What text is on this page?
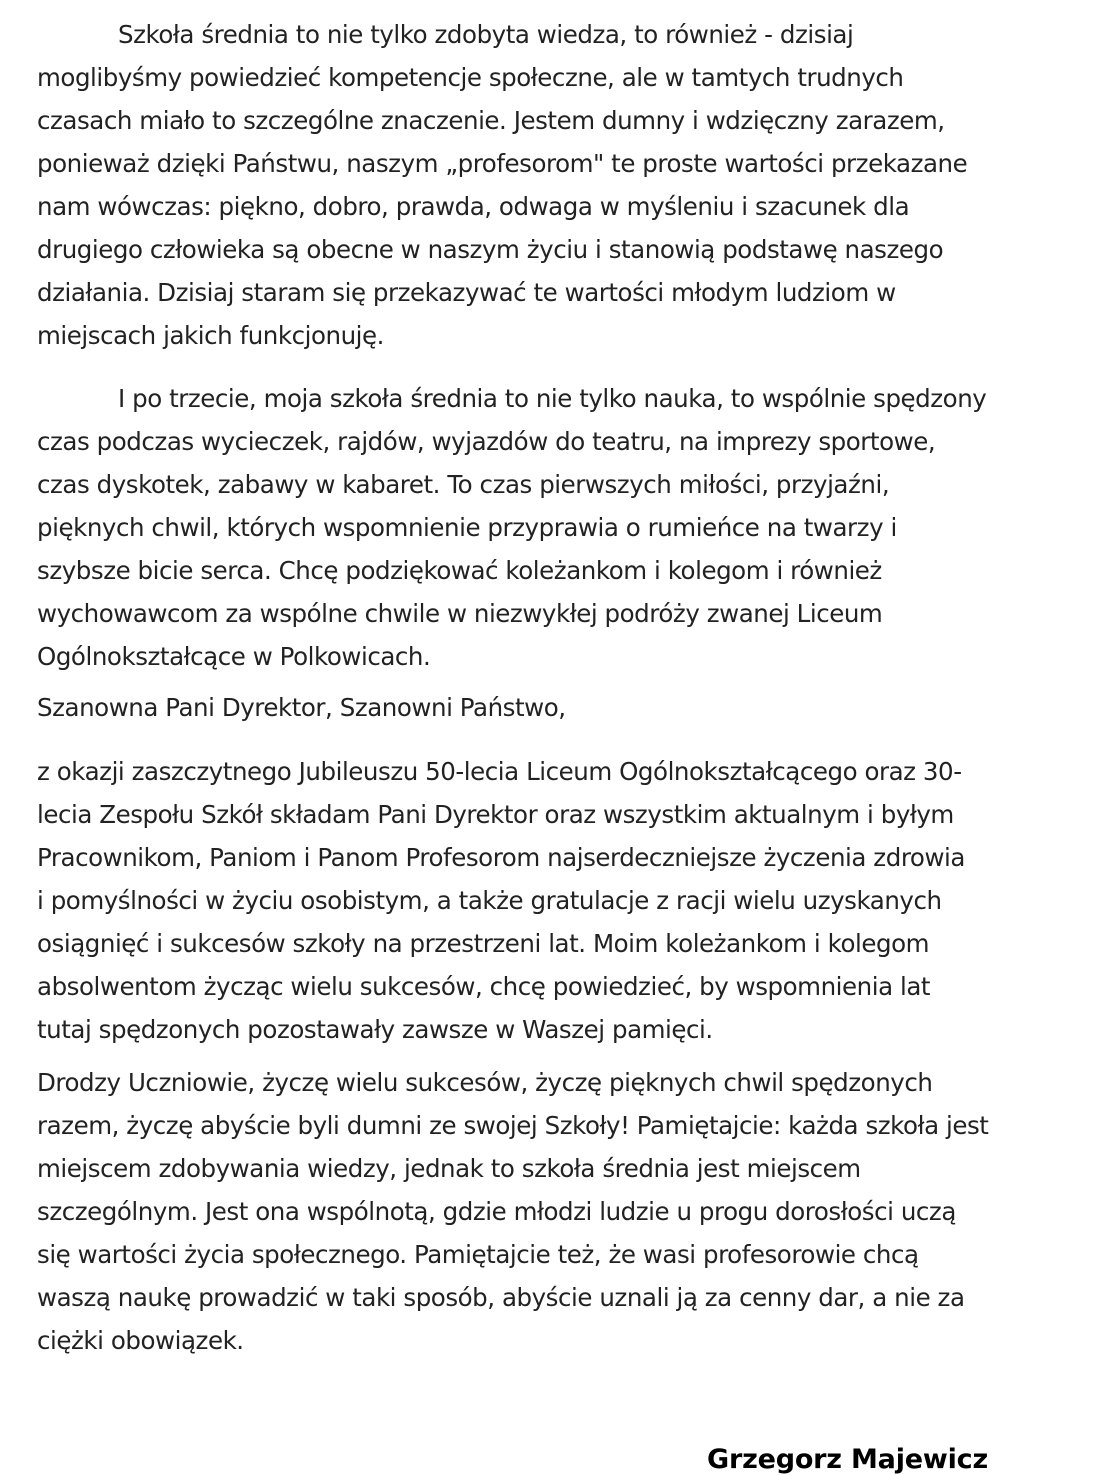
Szkoła średnia to nie tylko zdobyta wiedza, to również - dzisiaj
moglibyśmy powiedzieć kompetencje społeczne, ale w tamtych trudnych
czasach miało to szczególne znaczenie. Jestem dumny i wdzięczny zarazem,
ponieważ dzięki Państwu, naszym „profesorom" te proste wartości przekazane
nam wówczas: piękno, dobro, prawda, odwaga w myśleniu i szacunek dla
drugiego człowieka są obecne w naszym życiu i stanowią podstawę naszego
działania. Dzisiaj staram się przekazywać te wartości młodym ludziom w
miejscach jakich funkcjonuję.
I po trzecie, moja szkoła średnia to nie tylko nauka, to wspólnie spędzony
czas podczas wycieczek, rajdów, wyjazdów do teatru, na imprezy sportowe,
czas dyskotek, zabawy w kabaret. To czas pierwszych miłości, przyjaźni,
pięknych chwil, których wspomnienie przyprawia o rumieńce na twarzy i
szybsze bicie serca. Chcę podziękować koleżankom i kolegom i również
wychowawcom za wspólne chwile w niezwykłej podróży zwanej Liceum
Ogólnokształcące w Polkowicach.
Szanowna Pani Dyrektor, Szanowni Państwo,
z okazji zaszczytnego Jubileuszu 50-lecia Liceum Ogólnokształcącego oraz 30-
lecia Zespołu Szkół składam Pani Dyrektor oraz wszystkim aktualnym i byłym
Pracownikom, Paniom i Panom Profesorom najserdeczniejsze życzenia zdrowia
i pomyślności w życiu osobistym, a także gratulacje z racji wielu uzyskanych
osiągnięć i sukcesów szkoły na przestrzeni lat. Moim koleżankom i kolegom
absolwentom życząc wielu sukcesów, chcę powiedzieć, by wspomnienia lat
tutaj spędzonych pozostawały zawsze w Waszej pamięci.
Drodzy Uczniowie, życzę wielu sukcesów, życzę pięknych chwil spędzonych
razem, życzę abyście byli dumni ze swojej Szkoły! Pamiętajcie: każda szkoła jest
miejscem zdobywania wiedzy, jednak to szkoła średnia jest miejscem
szczególnym. Jest ona wspólnotą, gdzie młodzi ludzie u progu dorosłości uczą
się wartości życia społecznego. Pamiętajcie też, że wasi profesorowie chcą
waszą naukę prowadzić w taki sposób, abyście uznali ją za cenny dar, a nie za
ciężki obowiązek.
Grzegorz Majewicz
